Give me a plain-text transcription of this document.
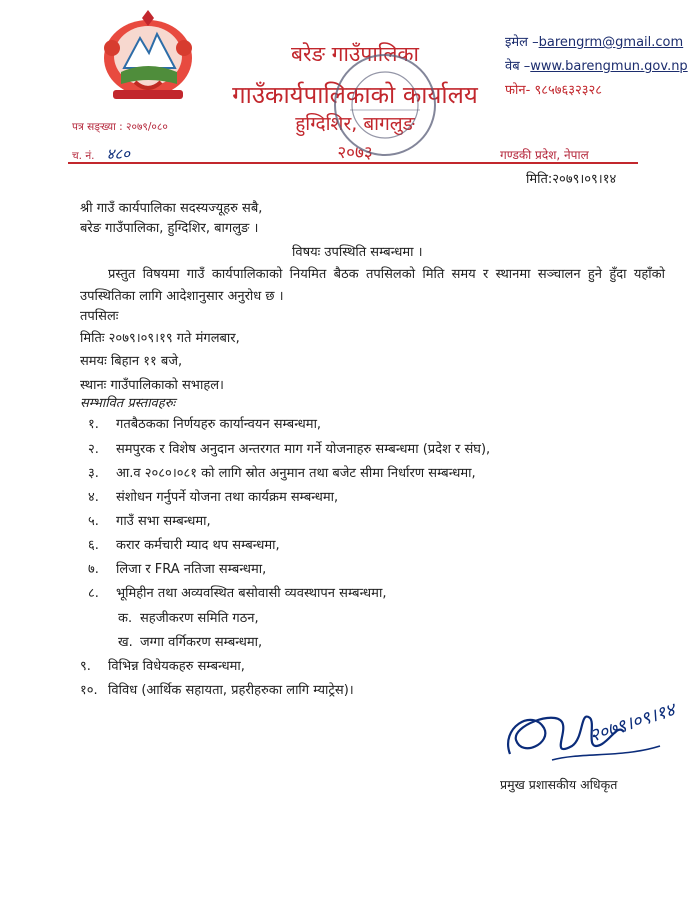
बरेङ गाउँपालिका
गाउँकार्यपालिकाको कार्यालय
हुग्दिशिर, बागलुङ
२०७३
इमेल –barengrm@gmail.com
वेब –www.barengmun.gov.np
फोन- ९८५७६३२३२८
पत्र सङ्ख्या : २०७९/०८०
च. नं. ४८०	गण्डकी प्रदेश, नेपाल
मिति:२०७९।०९।१४
श्री गाउँ कार्यपालिका सदस्यज्यूहरु सबै,
बरेङ गाउँपालिका, हुग्दिशिर, बागलुङ ।
विषयः उपस्थिति सम्बन्धमा ।
प्रस्तुत विषयमा गाउँ कार्यपालिकाको नियमित बैठक तपसिलको मिति समय र स्थानमा सञ्चालन हुने हुँदा यहाँको उपस्थितिका लागि आदेशानुसार अनुरोध छ ।
तपसिलः
मितिः २०७९।०९।१९ गते मंगलबार,
समयः बिहान ११ बजे,
स्थानः गाउँपालिकाको सभाहल।
सम्भावित प्रस्तावहरुः
१.	गतबैठकका निर्णयहरु कार्यान्वयन सम्बन्धमा,
२.	समपुरक र विशेष अनुदान अन्तरगत माग गर्ने योजनाहरु सम्बन्धमा (प्रदेश र संघ),
३.	आ.व २०८०।०८१ को लागि स्रोत अनुमान तथा बजेट सीमा निर्धारण सम्बन्धमा,
४.	संशोधन गर्नुपर्ने योजना तथा कार्यक्रम सम्बन्धमा,
५.	गाउँ सभा सम्बन्धमा,
६.	करार कर्मचारी म्याद थप सम्बन्धमा,
७.	लिजा र FRA नतिजा सम्बन्धमा,
८.	भूमिहीन तथा अव्यवस्थित बसोवासी व्यवस्थापन सम्बन्धमा,
क. सहजीकरण समिति गठन,
ख. जग्गा वर्गिकरण सम्बन्धमा,
९.	विभिन्न विधेयकहरु सम्बन्धमा,
१०. विविध (आर्थिक सहायता, प्रहरीहरुका लागि म्याट्रेस)।
२०७९।०९।१४
प्रमुख प्रशासकीय अधिकृत
